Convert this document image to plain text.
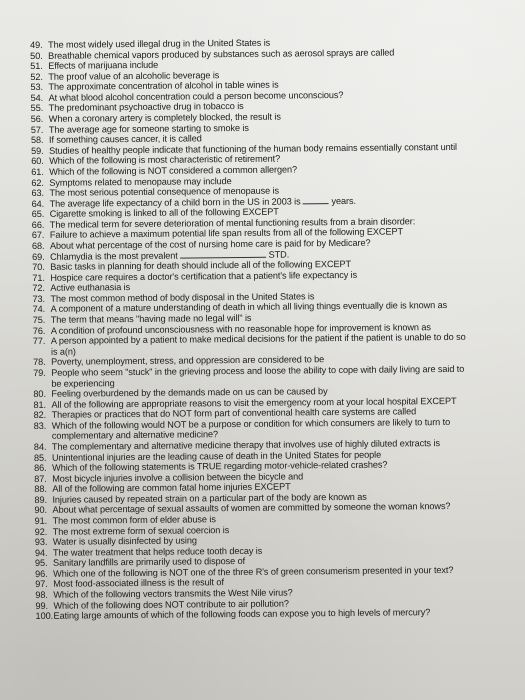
49. The most widely used illegal drug in the United States is
50. Breathable chemical vapors produced by substances such as aerosol sprays are called
51. Effects of marijuana include
52. The proof value of an alcoholic beverage is
53. The approximate concentration of alcohol in table wines is
54. At what blood alcohol concentration could a person become unconscious?
55. The predominant psychoactive drug in tobacco is
56. When a coronary artery is completely blocked, the result is
57. The average age for someone starting to smoke is
58. If something causes cancer, it is called
59. Studies of healthy people indicate that functioning of the human body remains essentially constant until
60. Which of the following is most characteristic of retirement?
61. Which of the following is NOT considered a common allergen?
62. Symptoms related to menopause may include
63. The most serious potential consequence of menopause is
64. The average life expectancy of a child born in the US in 2003 is	years.
65. Cigarette smoking is linked to all of the following EXCEPT
66. The medical term for severe deterioration of mental functioning results from a brain disorder:
67. Failure to achieve a maximum potential life span results from all of the following EXCEPT
68. About what percentage of the cost of nursing home care is paid for by Medicare?
69. Chlamydia is the most prevalent	STD.
70. Basic tasks in planning for death should include all of the following EXCEPT
71. Hospice care requires a doctor's certification that a patient's life expectancy is
72. Active euthanasia is
73. The most common method of body disposal in the United States is
74. A component of a mature understanding of death in which all living things eventually die is known as
75. The term that means "having made no legal will" is
76. A condition of profound unconsciousness with no reasonable hope for improvement is known as
77. A person appointed by a patient to make medical decisions for the patient if the patient is unable to do so
is a(n)
78. Poverty, unemployment, stress, and oppression are considered to be
79. People who seem "stuck" in the grieving process and loose the ability to cope with daily living are said to
be experiencing
80. Feeling overburdened by the demands made on us can be caused by
81. All of the following are appropriate reasons to visit the emergency room at your local hospital EXCEPT
82. Therapies or practices that do NOT form part of conventional health care systems are called
83. Which of the following would NOT be a purpose or condition for which consumers are likely to turn to
complementary and alternative medicine?
84. The complementary and alternative medicine therapy that involves use of highly diluted extracts is
85. Unintentional injuries are the leading cause of death in the United States for people
86. Which of the following statements is TRUE regarding motor-vehicle-related crashes?
87. Most bicycle injuries involve a collision between the bicycle and
88. All of the following are common fatal home injuries EXCEPT
89. Injuries caused by repeated strain on a particular part of the body are known as
90. About what percentage of sexual assaults of women are committed by someone the woman knows?
91. The most common form of elder abuse is
92. The most extreme form of sexual coercion is
93. Water is usually disinfected by using
94. The water treatment that helps reduce tooth decay is
95. Sanitary landfills are primarily used to dispose of
96. Which one of the following is NOT one of the three R's of green consumerism presented in your text?
97. Most food-associated illness is the result of
98. Which of the following vectors transmits the West Nile virus?
99. Which of the following does NOT contribute to air pollution?
100. Eating large amounts of which of the following foods can expose you to high levels of mercury?
